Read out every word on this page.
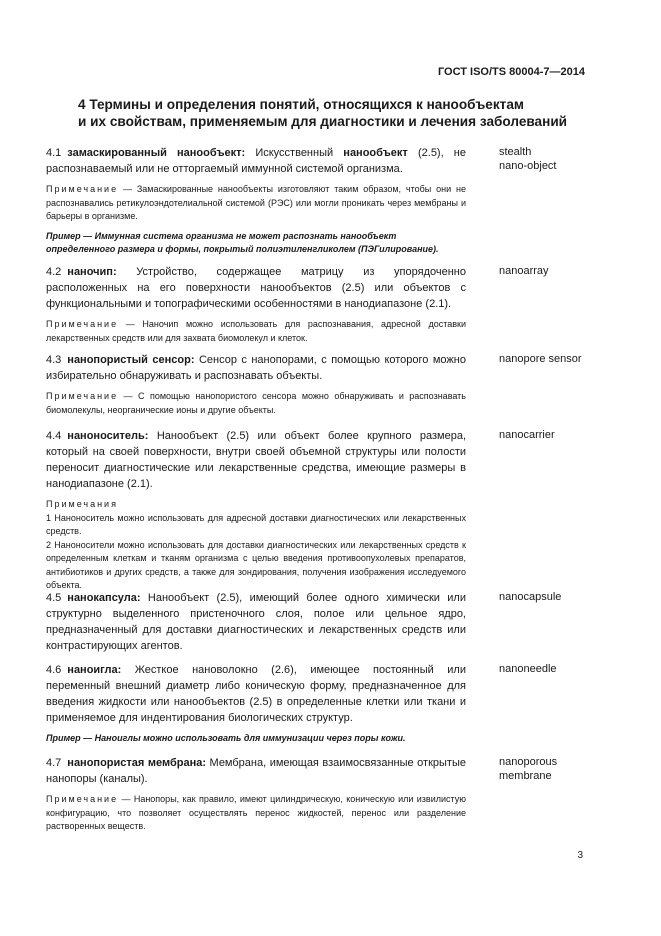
ГОСТ ISO/TS 80004-7—2014
4 Термины и определения понятий, относящихся к нанообъектам
и их свойствам, применяемым для диагностики и лечения заболеваний
4.1 замаскированный нанообъект: Искусственный нанообъект (2.5), не распознаваемый или не отторгаемый иммунной системой организма.
Примечание — Замаскированные нанообъекты изготовляют таким образом, чтобы они не распознавались ретикулоэндотелиальной системой (РЭС) или могли проникать через мембраны и барьеры в организме.
Пример — Иммунная система организма не может распознать нанообъект определенного размера и формы, покрытый полиэтиленгликолем (ПЭГилирование).
stealth
nano-object
4.2 наночип: Устройство, содержащее матрицу из упорядоченно расположенных на его поверхности нанообъектов (2.5) или объектов с функциональными и топографическими особенностями в нанодиапазоне (2.1).
Примечание — Наночип можно использовать для распознавания, адресной доставки лекарственных средств или для захвата биомолекул и клеток.
nanoarray
4.3 нанопористый сенсор: Сенсор с нанопорами, с помощью которого можно избирательно обнаруживать и распознавать объекты.
Примечание — С помощью нанопористого сенсора можно обнаруживать и распознавать биомолекулы, неорганические ионы и другие объекты.
nanopore sensor
4.4 наноноситель: Нанообъект (2.5) или объект более крупного размера, который на своей поверхности, внутри своей объемной структуры или полости переносит диагностические или лекарственные средства, имеющие размеры в нанодиапазоне (2.1).
Примечания
1 Наноноситель можно использовать для адресной доставки диагностических или лекарственных средств.
2 Наноносители можно использовать для доставки диагностических или лекарственных средств к определенным клеткам и тканям организма с целью введения противоопухолевых препаратов, антибиотиков и других средств, а также для зондирования, получения изображения исследуемого объекта.
nanocarrier
4.5 нанокапсула: Нанообъект (2.5), имеющий более одного химически или структурно выделенного пристеночного слоя, полое или цельное ядро, предназначенный для доставки диагностических и лекарственных средств или контрастирующих агентов.
nanocapsule
4.6 наноигла: Жесткое нановолокно (2.6), имеющее постоянный или переменный внешний диаметр либо коническую форму, предназначенное для введения жидкости или нанообъектов (2.5) в определенные клетки или ткани и применяемое для индентирования биологических структур.
Пример — Наноиглы можно использовать для иммунизации через поры кожи.
nanoneedle
4.7 нанопористая мембрана: Мембрана, имеющая взаимосвязанные открытые нанопоры (каналы).
Примечание — Нанопоры, как правило, имеют цилиндрическую, коническую или извилистую конфигурацию, что позволяет осуществлять перенос жидкостей, перенос или разделение растворенных веществ.
nanoporous
membrane
3
